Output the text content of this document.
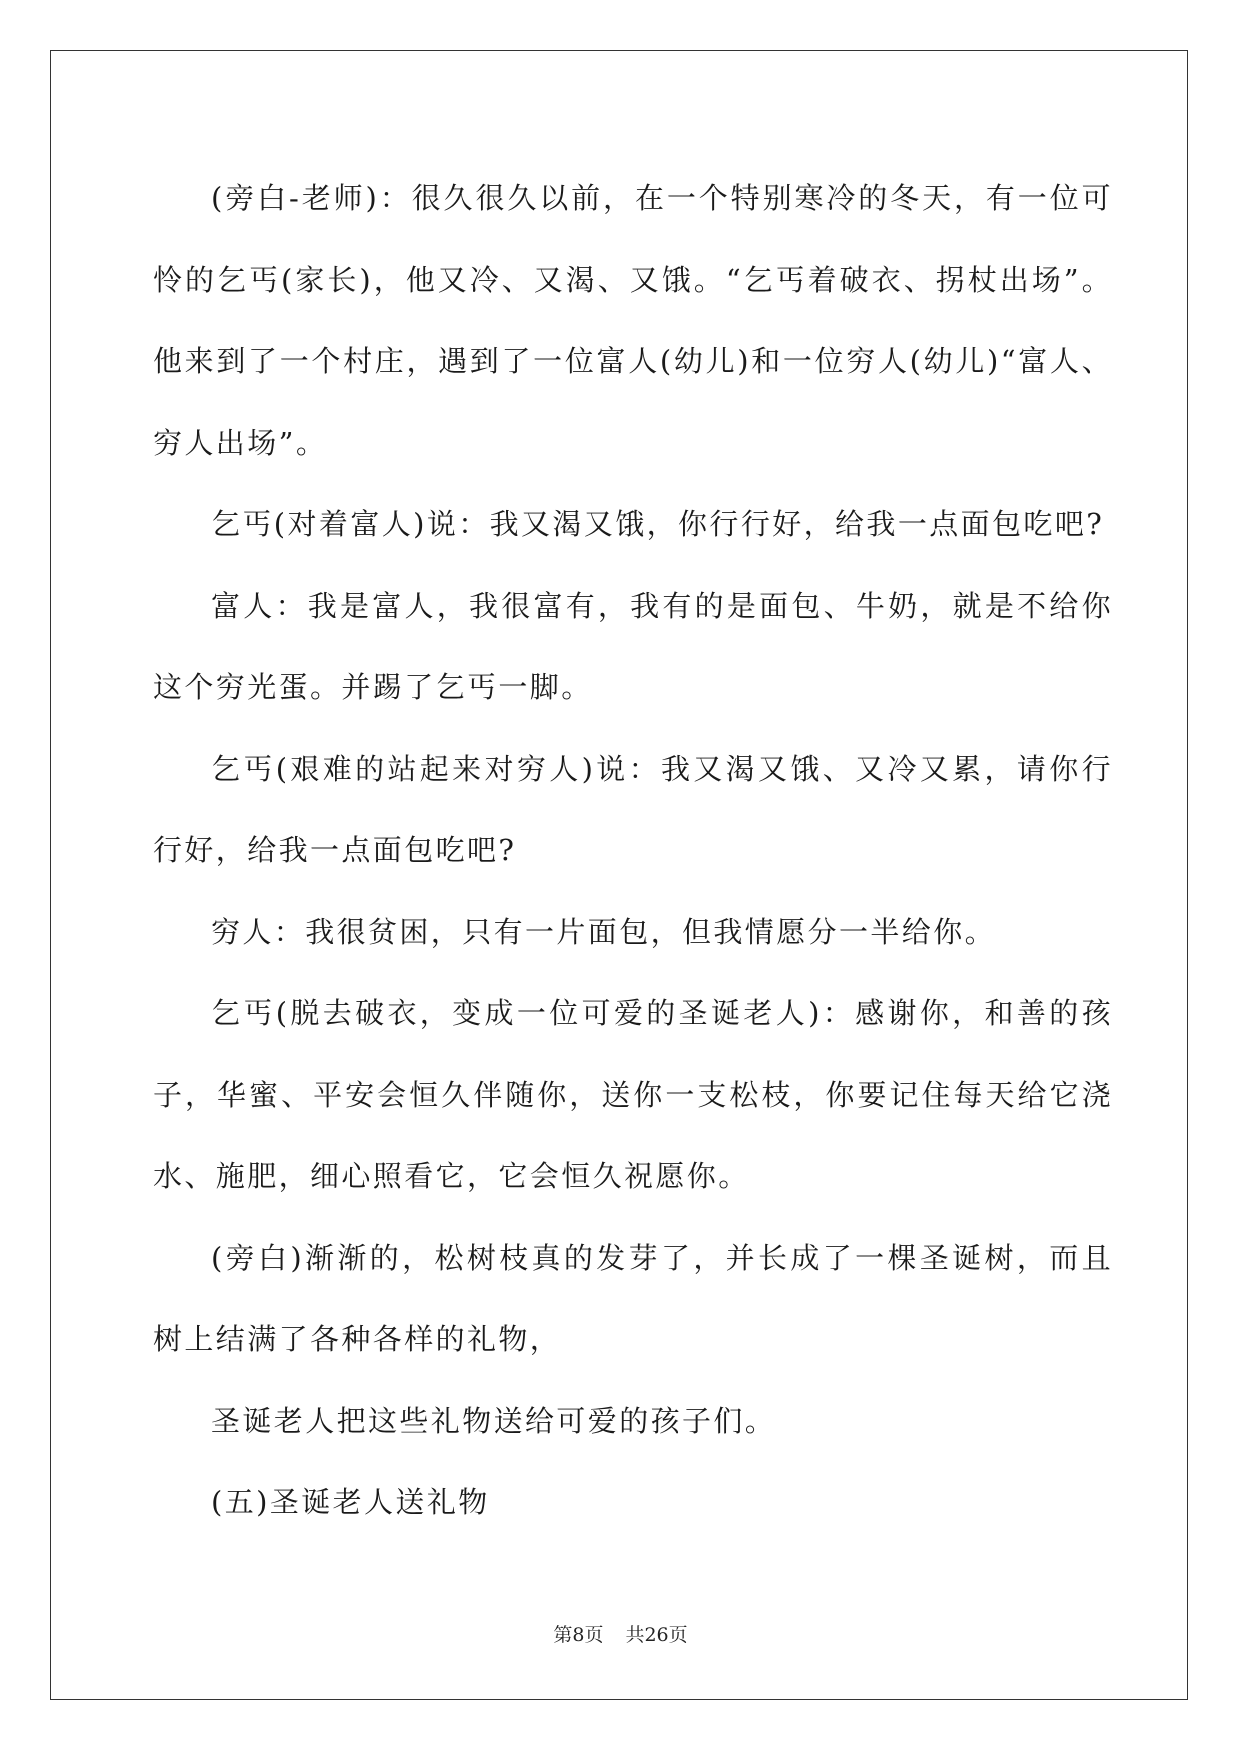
(旁白-老师)：很久很久以前，在一个特别寒冷的冬天，有一位可怜的乞丐(家长)，他又冷、又渴、又饿。“乞丐着破衣、拐杖出场”。他来到了一个村庄，遇到了一位富人(幼儿)和一位穷人(幼儿)“富人、穷人出场”。

乞丐(对着富人)说：我又渴又饿，你行行好，给我一点面包吃吧?

富人：我是富人，我很富有，我有的是面包、牛奶，就是不给你这个穷光蛋。并踢了乞丐一脚。

乞丐(艰难的站起来对穷人)说：我又渴又饿、又冷又累，请你行行好，给我一点面包吃吧?

穷人：我很贫困，只有一片面包，但我情愿分一半给你。

乞丐(脱去破衣，变成一位可爱的圣诞老人)：感谢你，和善的孩子，华蜜、平安会恒久伴随你，送你一支松枝，你要记住每天给它浇水、施肥，细心照看它，它会恒久祝愿你。

(旁白)渐渐的，松树枝真的发芽了，并长成了一棵圣诞树，而且树上结满了各种各样的礼物，

圣诞老人把这些礼物送给可爱的孩子们。

(五)圣诞老人送礼物

第8页 共26页
